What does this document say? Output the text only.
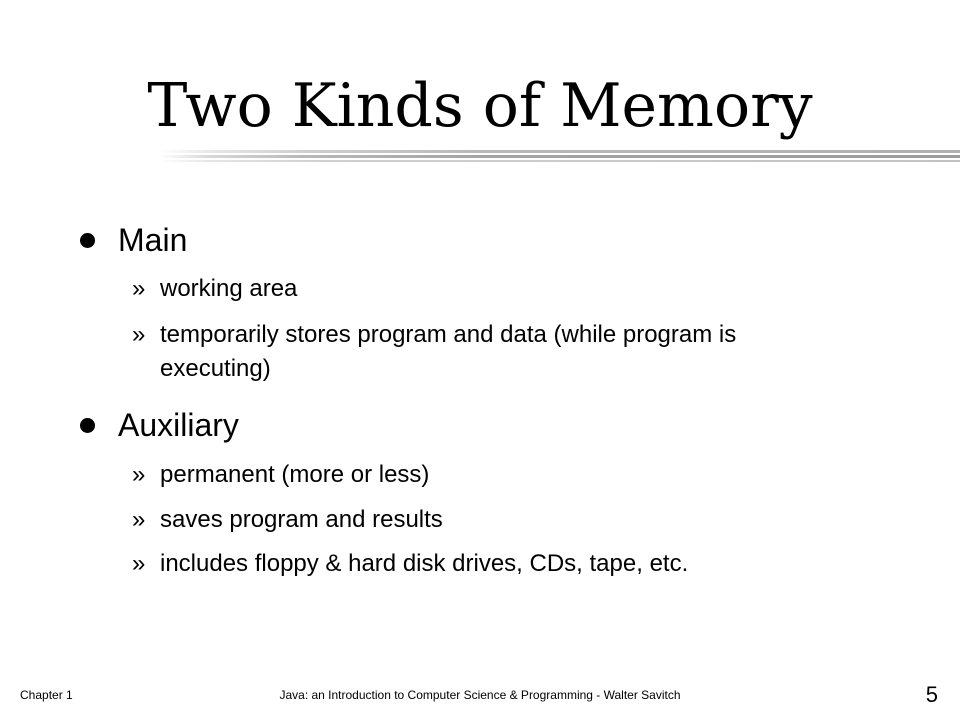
Two Kinds of Memory
Main
» working area
» temporarily stores program and data (while program is executing)
Auxiliary
» permanent (more or less)
» saves program and results
» includes floppy & hard disk drives, CDs, tape, etc.
Chapter 1	Java: an Introduction to Computer Science & Programming - Walter Savitch	5
